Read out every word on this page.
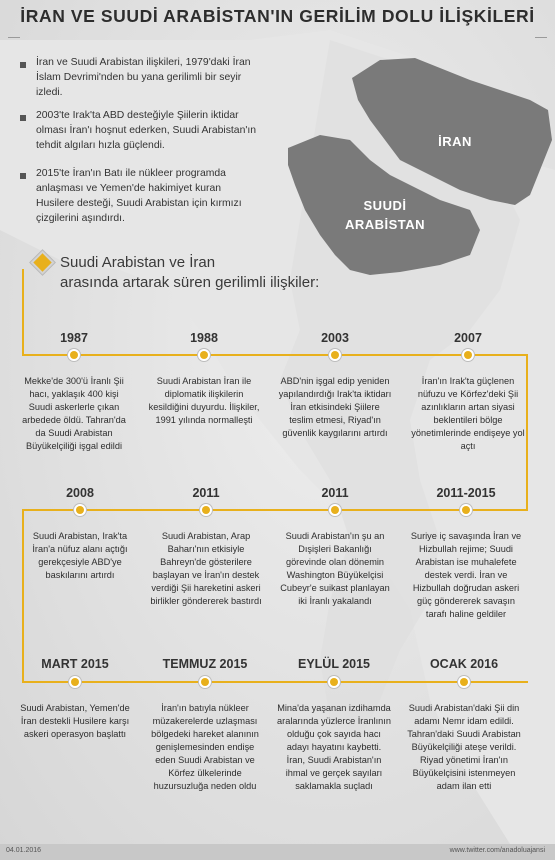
İRAN VE SUUDİ ARABİSTAN'IN GERİLİM DOLU İLİŞKİLERİ
İran ve Suudi Arabistan ilişkileri, 1979'daki İran İslam Devrimi'nden bu yana gerilimli bir seyir izledi.
2003'te Irak'ta ABD desteğiyle Şiilerin iktidar olması İran'ı hoşnut ederken, Suudi Arabistan'ın tehdit algıları hızla güçlendi.
2015'te İran'ın Batı ile nükleer programda anlaşması ve Yemen'de hakimiyet kuran Husilere desteği, Suudi Arabistan için kırmızı çizgilerini aşındırdı.
İRAN
SUUDİ
ARABİSTAN
Suudi Arabistan ve İran
arasında artarak süren gerilimli ilişkiler:
1987
Mekke'de 300'ü İranlı Şii hacı, yaklaşık 400 kişi Suudi askerlerle çıkan arbedede öldü. Tahran'da da Suudi Arabistan Büyükelçiliği işgal edildi
1988
Suudi Arabistan İran ile diplomatik ilişkilerin kesildiğini duyurdu. İlişkiler, 1991 yılında normalleşti
2003
ABD'nin işgal edip yeniden yapılandırdığı Irak'ta iktidarı İran etkisindeki Şiilere teslim etmesi, Riyad'ın güvenlik kaygılarını artırdı
2007
İran'ın Irak'ta güçlenen nüfuzu ve Körfez'deki Şii azınlıkların artan siyasi beklentileri bölge yönetimlerinde endişeye yol açtı
2008
Suudi Arabistan, Irak'ta İran'a nüfuz alanı açtığı gerekçesiyle ABD'ye baskılarını artırdı
2011
Suudi Arabistan, Arap Baharı'nın etkisiyle Bahreyn'de gösterilere başlayan ve İran'ın destek verdiği Şii hareketini askeri birlikler göndererek bastırdı
2011
Suudi Arabistan'ın şu an Dışişleri Bakanlığı görevinde olan dönemin Washington Büyükelçisi Cubeyr'e suikast planlayan iki İranlı yakalandı
2011-2015
Suriye iç savaşında İran ve Hizbullah rejime; Suudi Arabistan ise muhalefete destek verdi. İran ve Hizbullah doğrudan askeri güç göndererek savaşın tarafı haline geldiler
MART 2015
Suudi Arabistan, Yemen'de İran destekli Husilere karşı askeri operasyon başlattı
TEMMUZ 2015
İran'ın batıyla nükleer müzakerelerde uzlaşması bölgedeki hareket alanının genişlemesinden endişe eden Suudi Arabistan ve Körfez ülkelerinde huzursuzluğa neden oldu
EYLÜL 2015
Mina'da yaşanan izdihamda aralarında yüzlerce İranlının olduğu çok sayıda hacı adayı hayatını kaybetti. İran, Suudi Arabistan'ın ihmal ve gerçek sayıları saklamakla suçladı
OCAK 2016
Suudi Arabistan'daki Şii din adamı Nemr idam edildi. Tahran'daki Suudi Arabistan Büyükelçiliği ateşe verildi. Riyad yönetimi İran'ın Büyükelçisini istenmeyen adam ilan etti
04.01.2016	www.twitter.com/anadoluajansi
